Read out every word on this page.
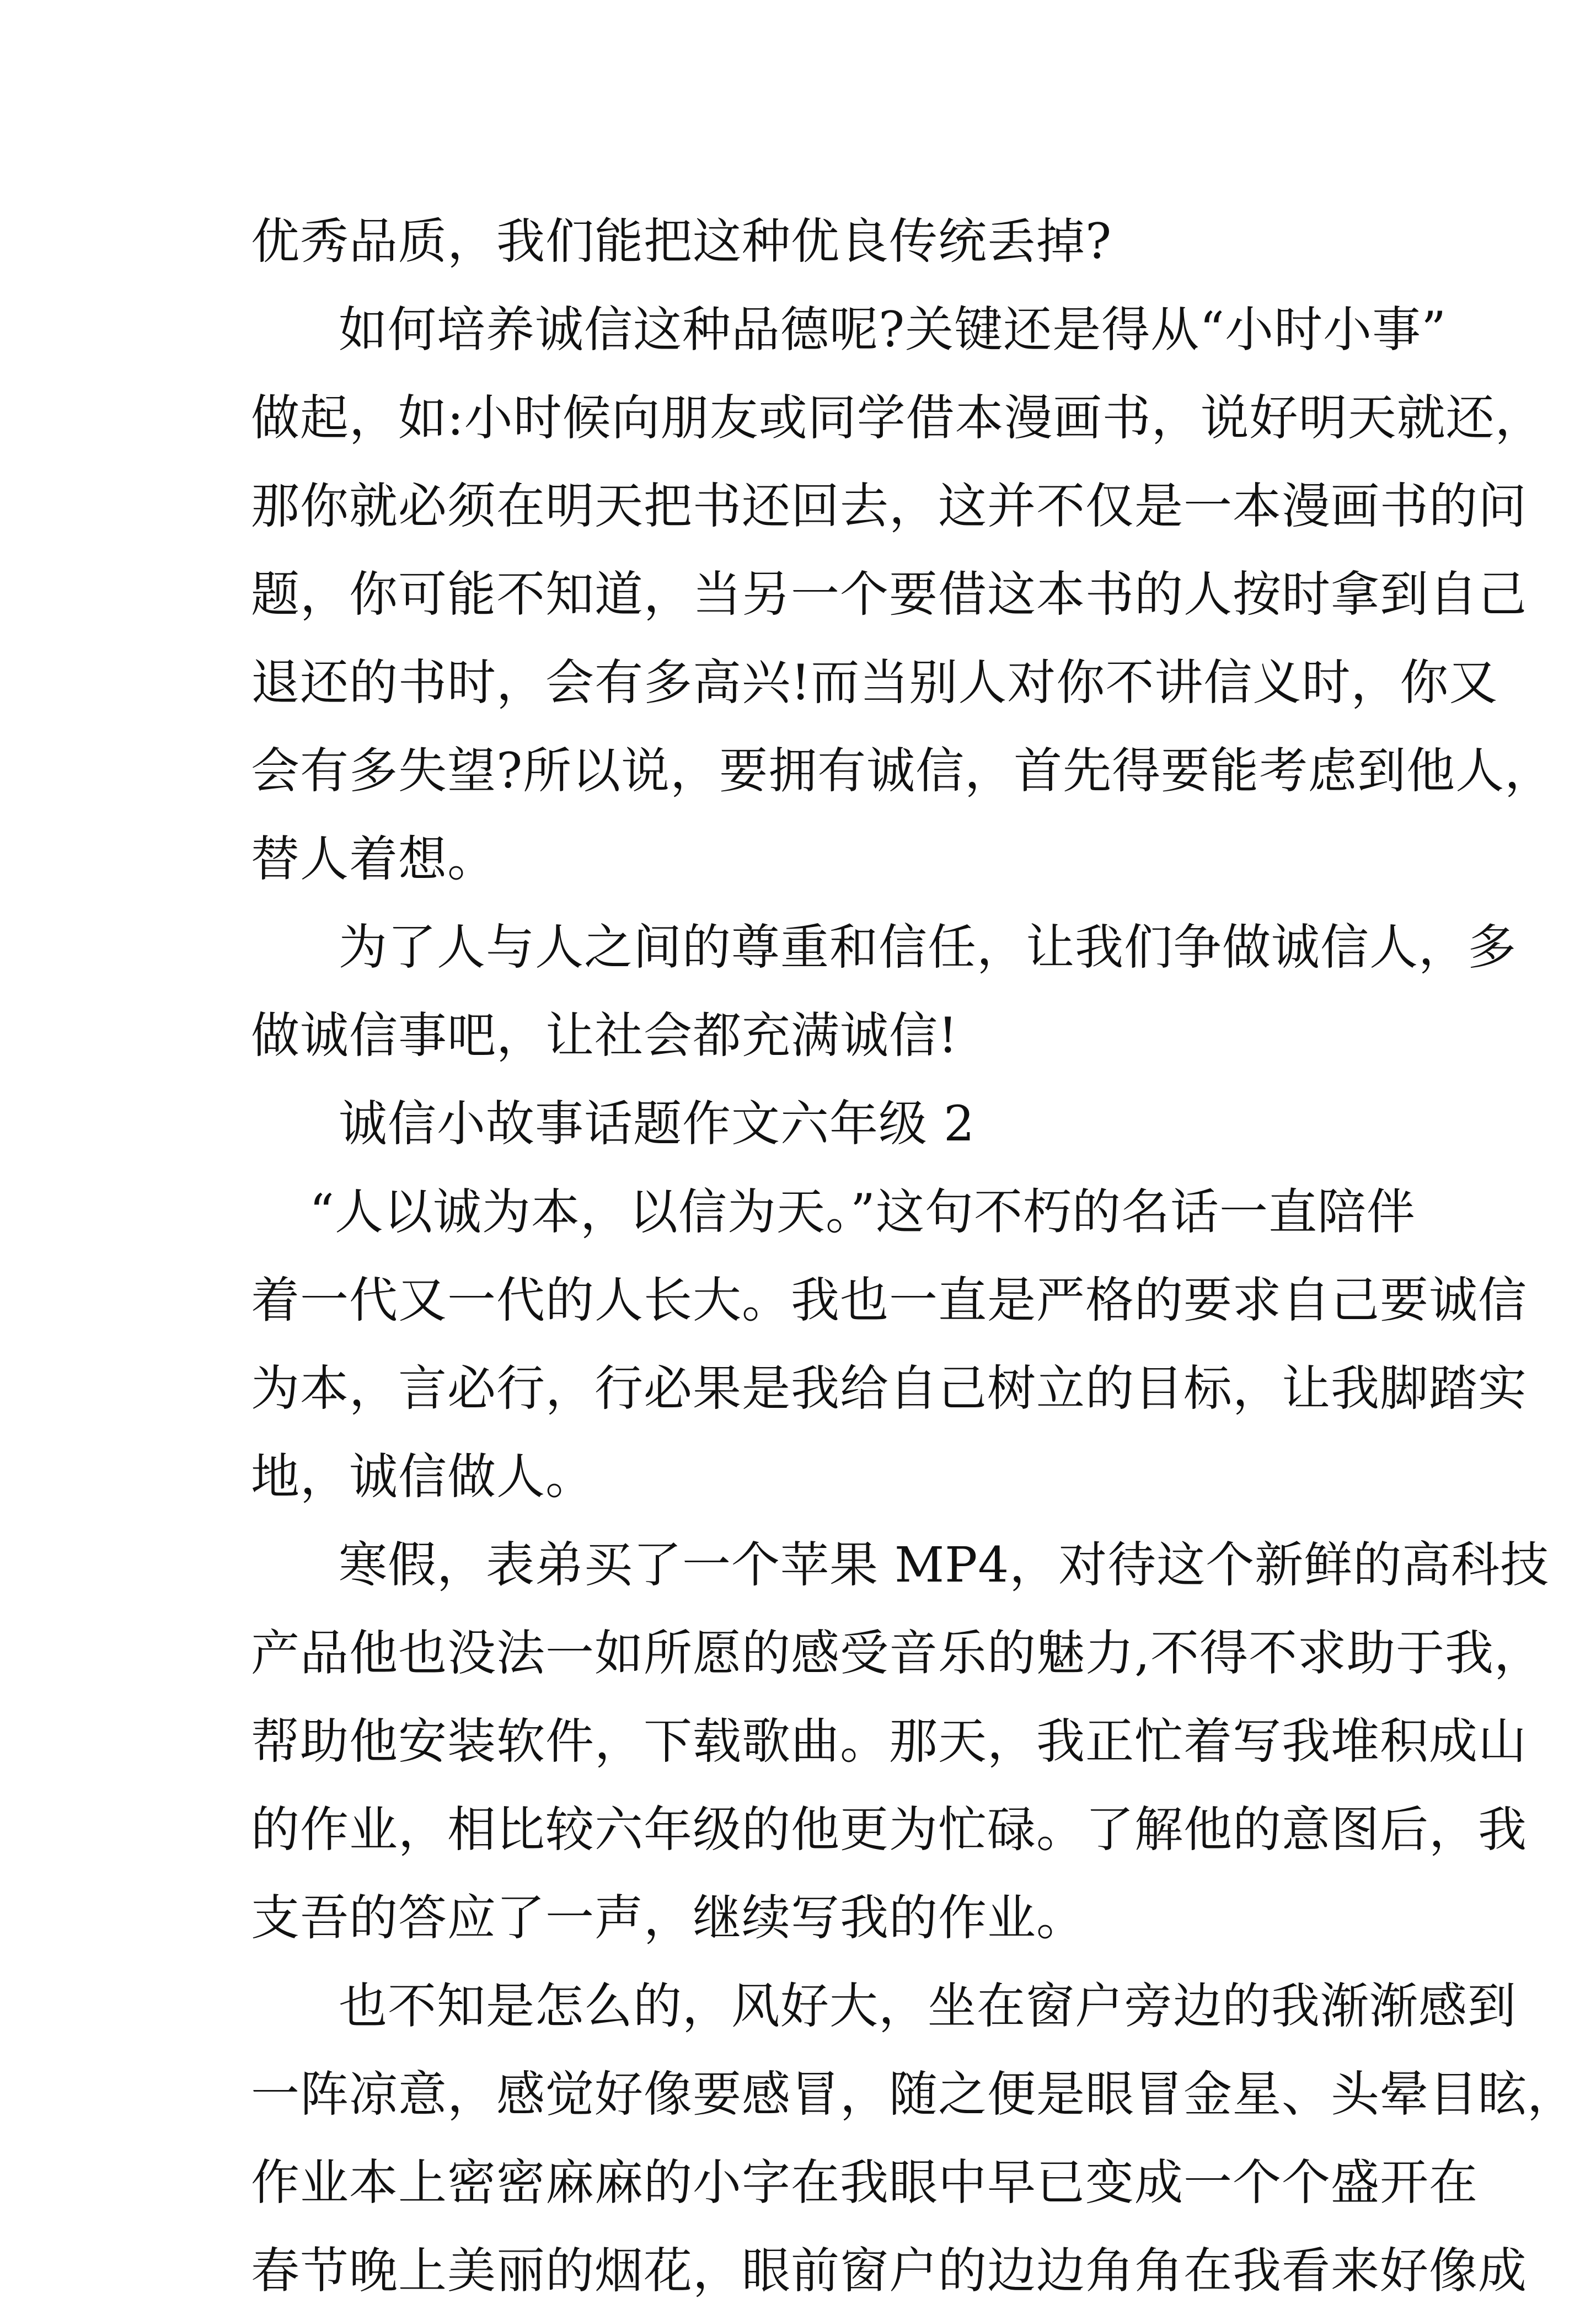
优秀品质，我们能把这种优良传统丢掉?
如何培养诚信这种品德呢?关键还是得从“小时小事”
做起，如:小时候向朋友或同学借本漫画书，说好明天就还，
那你就必须在明天把书还回去，这并不仅是一本漫画书的问
题，你可能不知道，当另一个要借这本书的人按时拿到自己
退还的书时，会有多高兴!而当别人对你不讲信义时，你又
会有多失望?所以说，要拥有诚信，首先得要能考虑到他人，
替人着想。
为了人与人之间的尊重和信任，让我们争做诚信人，多
做诚信事吧，让社会都充满诚信!
诚信小故事话题作文六年级 2
“人以诚为本，以信为天。”这句不朽的名话一直陪伴
着一代又一代的人长大。我也一直是严格的要求自己要诚信
为本，言必行，行必果是我给自己树立的目标，让我脚踏实
地，诚信做人。
寒假，表弟买了一个苹果 MP4，对待这个新鲜的高科技
产品他也没法一如所愿的感受音乐的魅力,不得不求助于我，
帮助他安装软件，下载歌曲。那天，我正忙着写我堆积成山
的作业，相比较六年级的他更为忙碌。了解他的意图后，我
支吾的答应了一声，继续写我的作业。
也不知是怎么的，风好大，坐在窗户旁边的我渐渐感到
一阵凉意，感觉好像要感冒，随之便是眼冒金星、头晕目眩，
作业本上密密麻麻的小字在我眼中早已变成一个个盛开在
春节晚上美丽的烟花，眼前窗户的边边角角在我看来好像成
